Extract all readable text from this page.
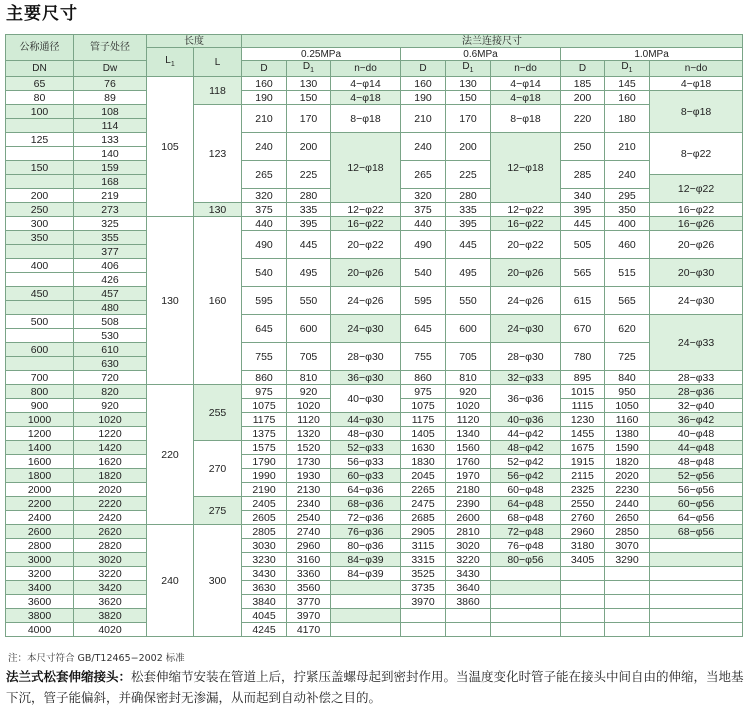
主要尺寸
公称通径	管子处径	长度		法兰连接尺寸								
		$L_1$	L	0.25MPa			0.6MPa			1.0MPa		
DN	Dw			D	$D_1$	n−do	D	$D_1$	n−do	D	$D_1$	n−do
65	76	105	118	160	130	4−φ14	160	130	4−φ14	185	145	4−φ18
80	89			190	150	4−φ18	190	150	4−φ18	200	160	8−φ18
100	108		123	210	170	8−φ18	210	170	8−φ18	220	180	
	114											
125	133			240	200	12−φ18	240	200	12−φ18	250	210	8−φ22
	140											
150	159			265	225		265	225		285	240	
	168											12−φ22
200	219			320	280		320	280		340	295	
250	273		130	375	335	12−φ22	375	335	12−φ22	395	350	16−φ22
300	325	130	160	440	395	16−φ22	440	395	16−φ22	445	400	16−φ26
350	355			490	445	20−φ22	490	445	20−φ22	505	460	20−φ26
	377											
400	406			540	495	20−φ26	540	495	20−φ26	565	515	20−φ30
	426											
450	457			595	550	24−φ26	595	550	24−φ26	615	565	24−φ30
	480											
500	508			645	600	24−φ30	645	600	24−φ30	670	620	24−φ33
	530											
600	610			755	705	28−φ30	755	705	28−φ30	780	725	
	630											
700	720			860	810	36−φ30	860	810	32−φ33	895	840	28−φ33
800	820	220	255	975	920	40−φ30	975	920	36−φ36	1015	950	28−φ36
900	920			1075	1020		1075	1020		1115	1050	32−φ40
1000	1020			1175	1120	44−φ30	1175	1120	40−φ36	1230	1160	36−φ42
1200	1220			1375	1320	48−φ30	1405	1340	44−φ42	1455	1380	40−φ48
1400	1420		270	1575	1520	52−φ33	1630	1560	48−φ42	1675	1590	44−φ48
1600	1620			1790	1730	56−φ33	1830	1760	52−φ42	1915	1820	48−φ48
1800	1820			1990	1930	60−φ33	2045	1970	56−φ42	2115	2020	52−φ56
2000	2020			2190	2130	64−φ36	2265	2180	60−φ48	2325	2230	56−φ56
2200	2220		275	2405	2340	68−φ36	2475	2390	64−φ48	2550	2440	60−φ56
2400	2420			2605	2540	72−φ36	2685	2600	68−φ48	2760	2650	64−φ56
2600	2620	240	300	2805	2740	76−φ36	2905	2810	72−φ48	2960	2850	68−φ56
2800	2820			3030	2960	80−φ36	3115	3020	76−φ48	3180	3070	
3000	3020			3230	3160	84−φ39	3315	3220	80−φ56	3405	3290	
3200	3220			3430	3360	84−φ39	3525	3430				
3400	3420			3630	3560		3735	3640				
3600	3620			3840	3770		3970	3860				
3800	3820			4045	3970							
4000	4020			4245	4170							
注：本尺寸符合 GB/T12465−2002 标准
法兰式松套伸缩接头：松套伸缩节安装在管道上后，拧紧压盖螺母起到密封作用。当温度变化时管子能在接头中间自由的伸缩，当地基下沉，管子能偏斜，并确保密封无渗漏，从而起到自动补偿之目的。
